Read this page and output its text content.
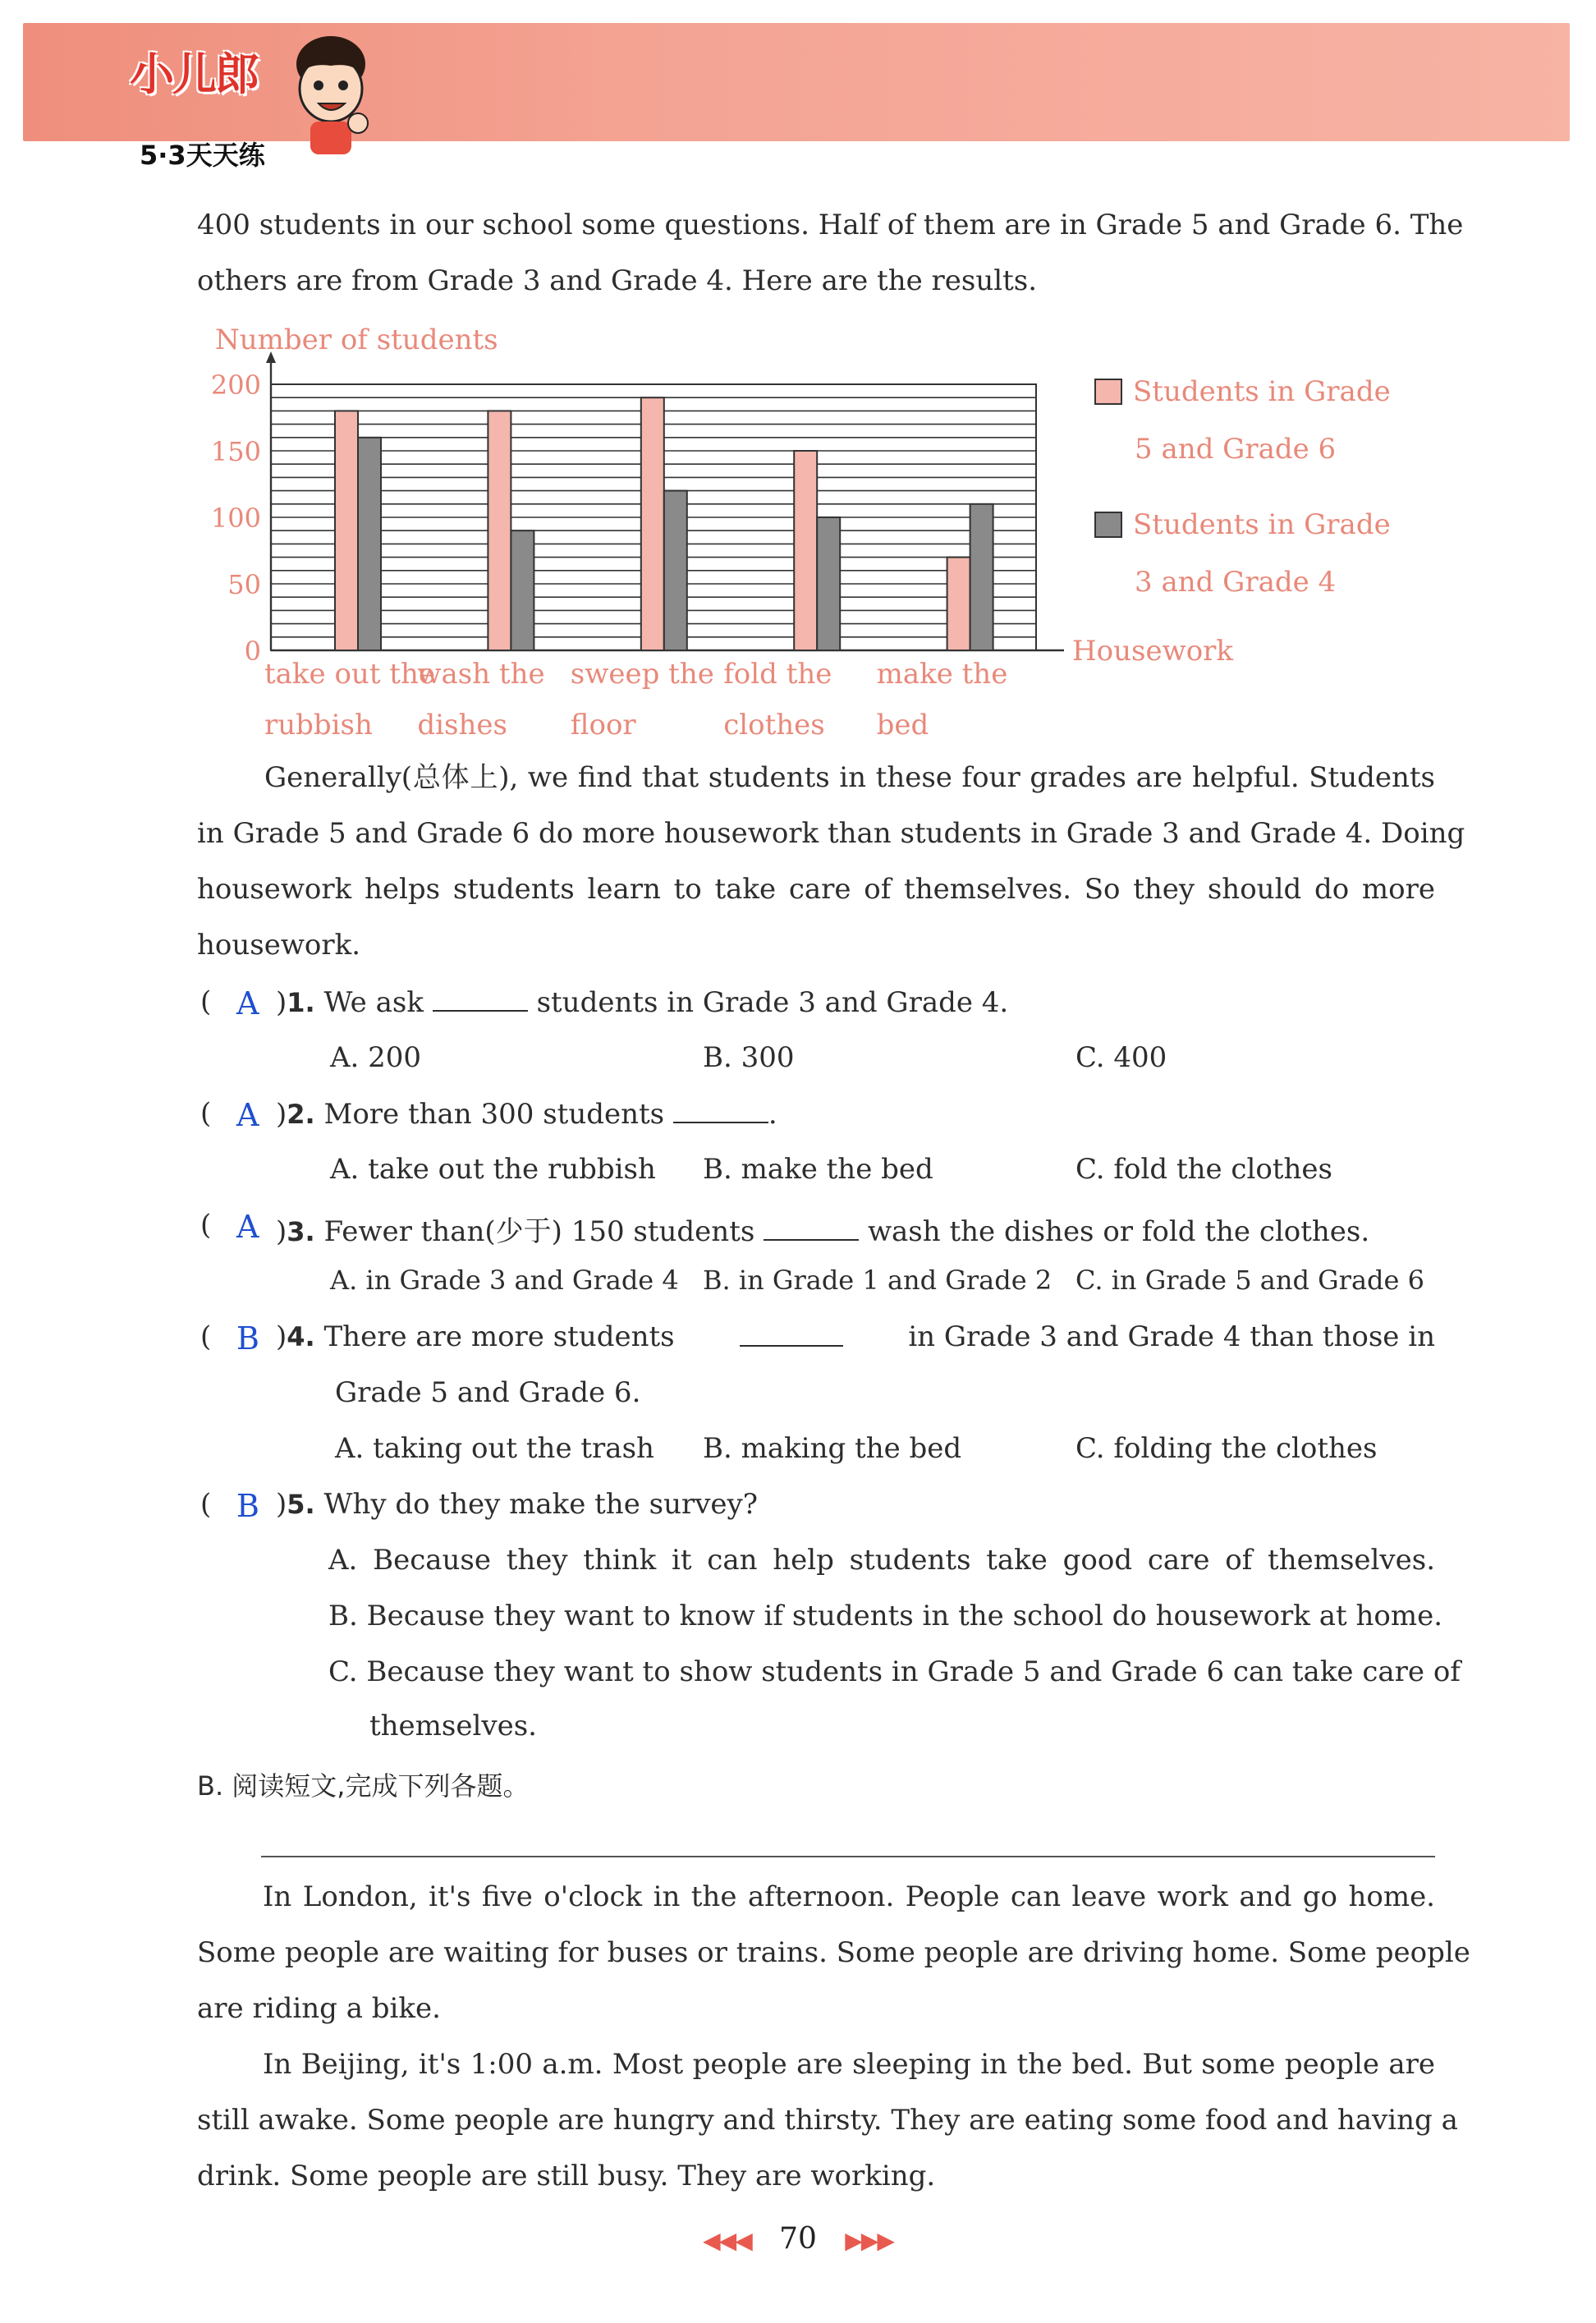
小儿郎
5·3天天练
400 students in our school some questions. Half of them are in Grade 5 and Grade 6. The
others are from Grade 3 and Grade 4. Here are the results.
0
50
100
150
200
Number of students
Housework
take out the
rubbish
wash the
dishes
sweep the
floor
fold the
clothes
make the
bed
Students in Grade
5 and Grade 6
Students in Grade
3 and Grade 4
Generally(总体上), we find that students in these four grades are helpful. Students
in Grade 5 and Grade 6 do more housework than students in Grade 3 and Grade 4. Doing
housework helps students learn to take care of themselves. So they should do more
housework.
( A )1. We ask	students in Grade 3 and Grade 4.
A. 200	B. 300	C. 400
( A )2. More than 300 students	.
A. take out the rubbish B. make the bed	C. fold the clothes
( A )3. Fewer than(少于) 150 students	wash the dishes or fold the clothes.
A. in Grade 3 and Grade 4 B. in Grade 1 and Grade 2 C. in Grade 5 and Grade 6
( B )4. There are more students	in Grade 3 and Grade 4 than those in
Grade 5 and Grade 6.
A. taking out the trash B. making the bed	C. folding the clothes
( B )5. Why do they make the survey?
A. Because they think it can help students take good care of themselves.
B. Because they want to know if students in the school do housework at home.
C. Because they want to show students in Grade 5 and Grade 6 can take care of
themselves.
B. 阅读短文,完成下列各题。
In London, it's five o'clock in the afternoon. People can leave work and go home.
Some people are waiting for buses or trains. Some people are driving home. Some people
are riding a bike.
In Beijing, it's 1:00 a.m. Most people are sleeping in the bed. But some people are
still awake. Some people are hungry and thirsty. They are eating some food and having a
drink. Some people are still busy. They are working.
◀◀◀ 70 ▶▶▶
